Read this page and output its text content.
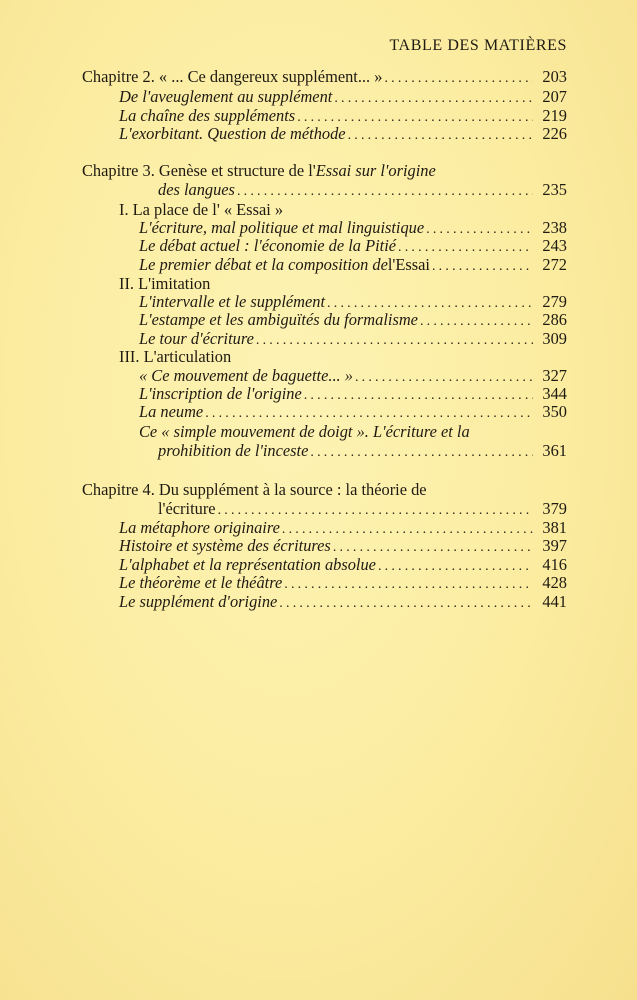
TABLE DES MATIÈRES
Chapitre 2. « ... Ce dangereux supplément... » .....	203
De l'aveuglement au supplément .....	207
La chaîne des suppléments .....	219
L'exorbitant. Question de méthode .....	226
Chapitre 3. Genèse et structure de l' Essai sur l'origine
des langues .....	235
I. La place de l' « Essai »
L'écriture, mal politique et mal linguistique .....	238
Le débat actuel : l'économie de la Pitié .....	243
Le premier débat et la composition de l'Essai .....	272
II. L'imitation
L'intervalle et le supplément .....	279
L'estampe et les ambiguïtés du formalisme .....	286
Le tour d'écriture .....	309
III. L'articulation
« Ce mouvement de baguette... » .....	327
L'inscription de l'origine .....	344
La neume .....	350
Ce « simple mouvement de doigt ». L'écriture et la
prohibition de l'inceste .....	361
Chapitre 4. Du supplément à la source : la théorie de
l'écriture .....	379
La métaphore originaire .....	381
Histoire et système des écritures .....	397
L'alphabet et la représentation absolue .....	416
Le théorème et le théâtre .....	428
Le supplément d'origine .....	441
